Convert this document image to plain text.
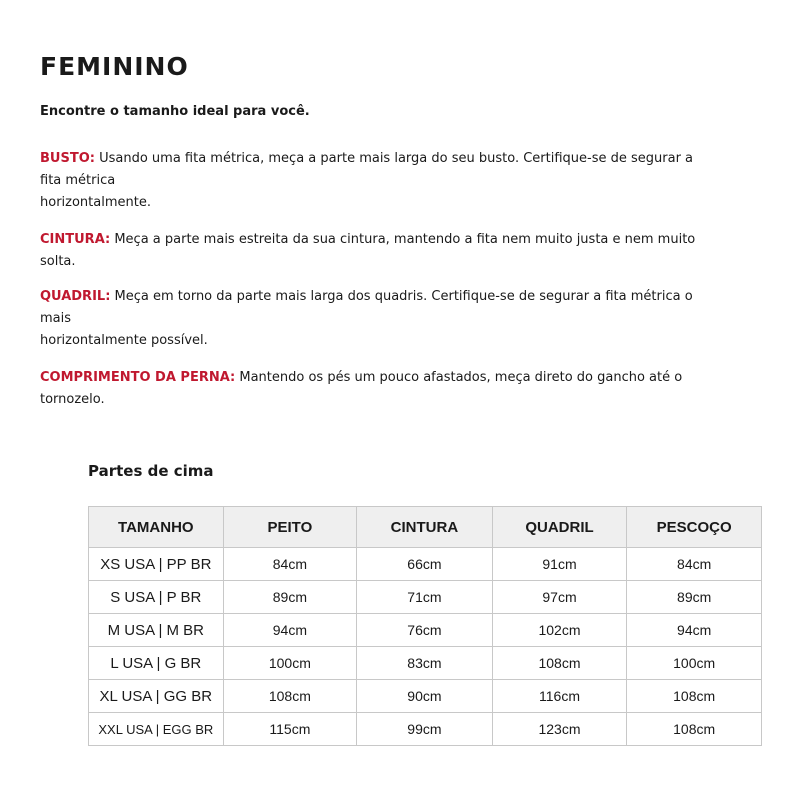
FEMININO

Encontre o tamanho ideal para você.

BUSTO: Usando uma fita métrica, meça a parte mais larga do seu busto. Certifique-se de segurar a
fita métrica
horizontalmente.

CINTURA: Meça a parte mais estreita da sua cintura, mantendo a fita nem muito justa e nem muito
solta.

QUADRIL: Meça em torno da parte mais larga dos quadris. Certifique-se de segurar a fita métrica o
mais
horizontalmente possível.

COMPRIMENTO DA PERNA: Mantendo os pés um pouco afastados, meça direto do gancho até o
tornozelo.

Partes de cima

TAMANHO	PEITO	CINTURA	QUADRIL	PESCOÇO
XS USA | PP BR	84cm	66cm	91cm	84cm
S USA | P BR	89cm	71cm	97cm	89cm
M USA | M BR	94cm	76cm	102cm	94cm
L USA | G BR	100cm	83cm	108cm	100cm
XL USA | GG BR	108cm	90cm	116cm	108cm
XXL USA | EGG BR	115cm	99cm	123cm	108cm
